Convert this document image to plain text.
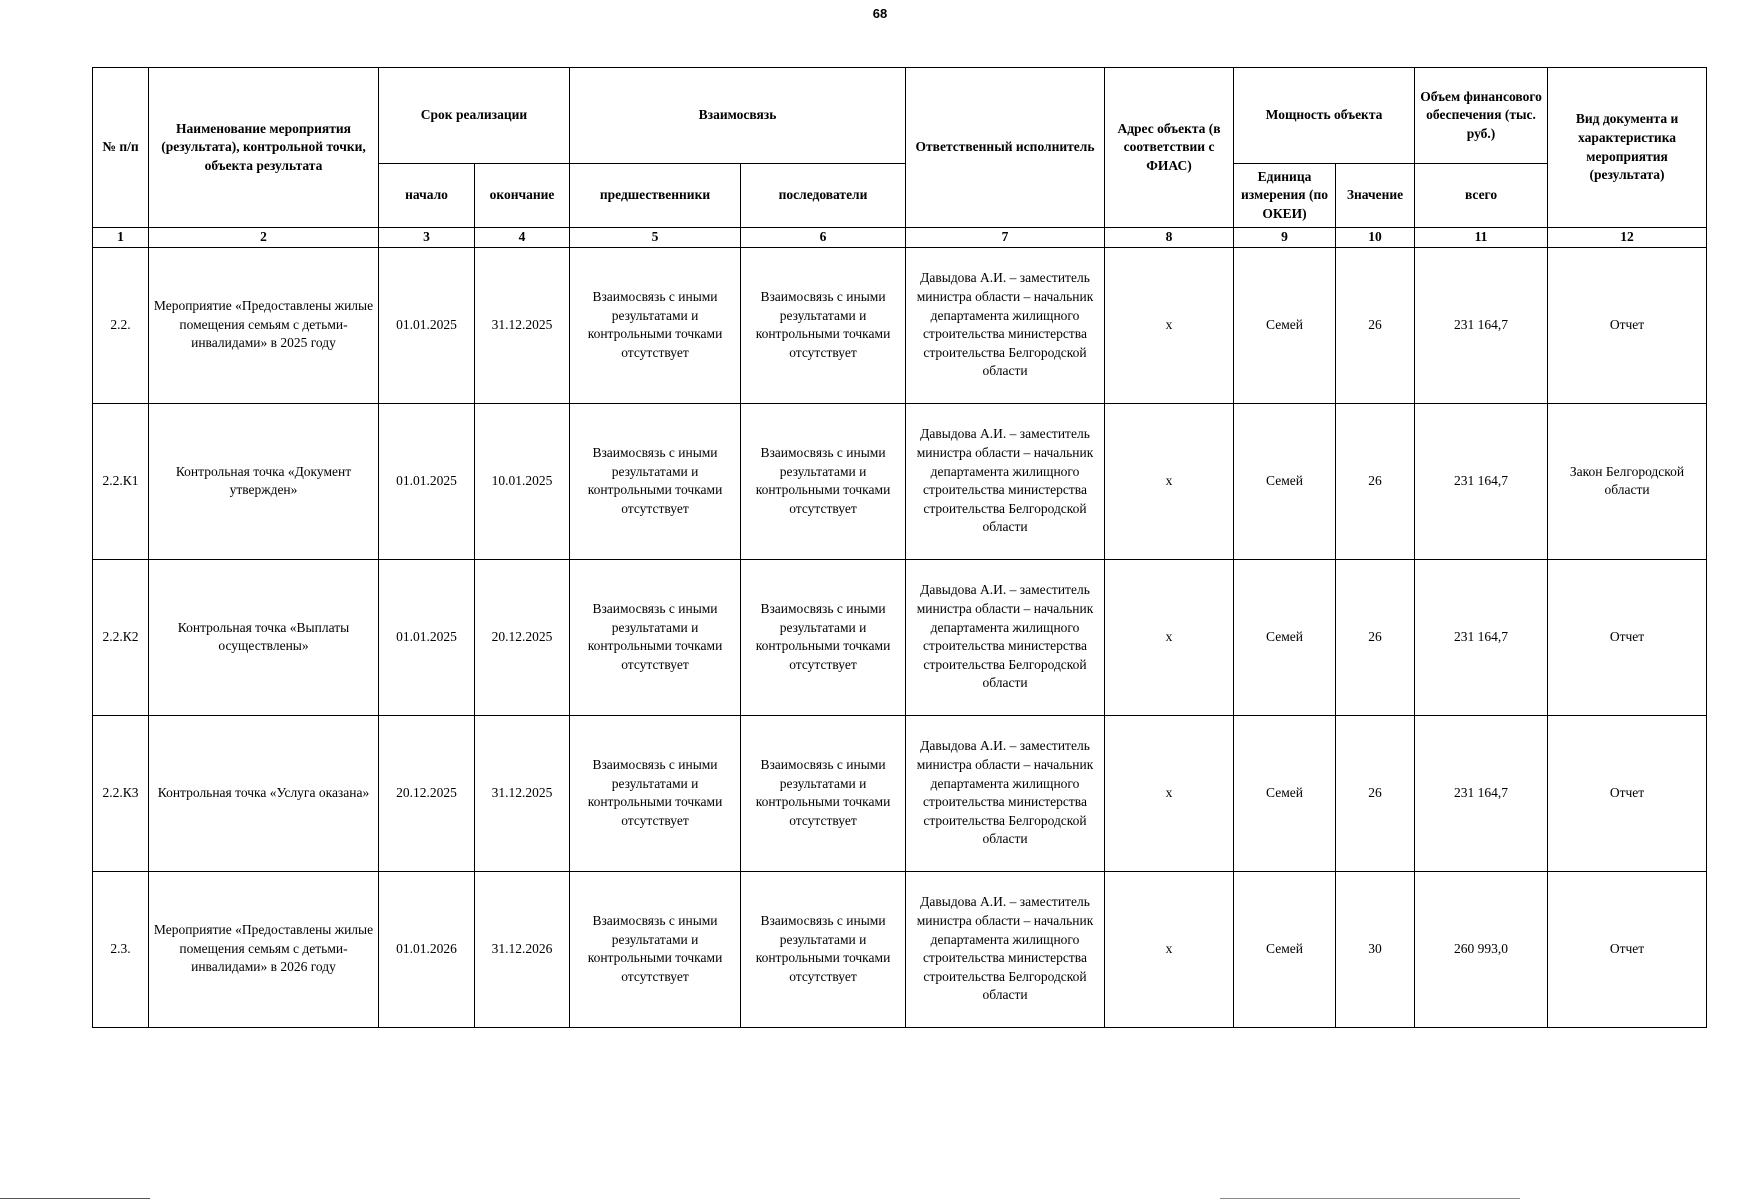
68
№ п/п	Наименование мероприятия (результата), контрольной точки, объекта результата	Срок реализации		Взаимосвязь		Ответственный исполнитель	Адрес объекта (в соответствии с ФИАС)	Мощность объекта		Объем финансового обеспечения (тыс. руб.)	Вид документа и характеристика мероприятия (результата)
		начало	окончание	предшественники	последователи			Единица измерения (по ОКЕИ)	Значение	всего	
1	2	3	4	5	6	7	8	9	10	11	12
2.2.	Мероприятие «Предоставлены жилые помещения семьям с детьми-инвалидами» в 2025 году	01.01.2025	31.12.2025	Взаимосвязь с иными результатами и контрольными точками отсутствует	Взаимосвязь с иными результатами и контрольными точками отсутствует	Давыдова А.И. – заместитель министра области – начальник департамента жилищного строительства министерства строительства Белгородской области	х	Семей	26	231 164,7	Отчет
2.2.К1	Контрольная точка «Документ утвержден»	01.01.2025	10.01.2025	Взаимосвязь с иными результатами и контрольными точками отсутствует	Взаимосвязь с иными результатами и контрольными точками отсутствует	Давыдова А.И. – заместитель министра области – начальник департамента жилищного строительства министерства строительства Белгородской области	х	Семей	26	231 164,7	Закон Белгородской области
2.2.К2	Контрольная точка «Выплаты осуществлены»	01.01.2025	20.12.2025	Взаимосвязь с иными результатами и контрольными точками отсутствует	Взаимосвязь с иными результатами и контрольными точками отсутствует	Давыдова А.И. – заместитель министра области – начальник департамента жилищного строительства министерства строительства Белгородской области	х	Семей	26	231 164,7	Отчет
2.2.К3	Контрольная точка «Услуга оказана»	20.12.2025	31.12.2025	Взаимосвязь с иными результатами и контрольными точками отсутствует	Взаимосвязь с иными результатами и контрольными точками отсутствует	Давыдова А.И. – заместитель министра области – начальник департамента жилищного строительства министерства строительства Белгородской области	х	Семей	26	231 164,7	Отчет
2.3.	Мероприятие «Предоставлены жилые помещения семьям с детьми-инвалидами» в 2026 году	01.01.2026	31.12.2026	Взаимосвязь с иными результатами и контрольными точками отсутствует	Взаимосвязь с иными результатами и контрольными точками отсутствует	Давыдова А.И. – заместитель министра области – начальник департамента жилищного строительства министерства строительства Белгородской области	х	Семей	30	260 993,0	Отчет
